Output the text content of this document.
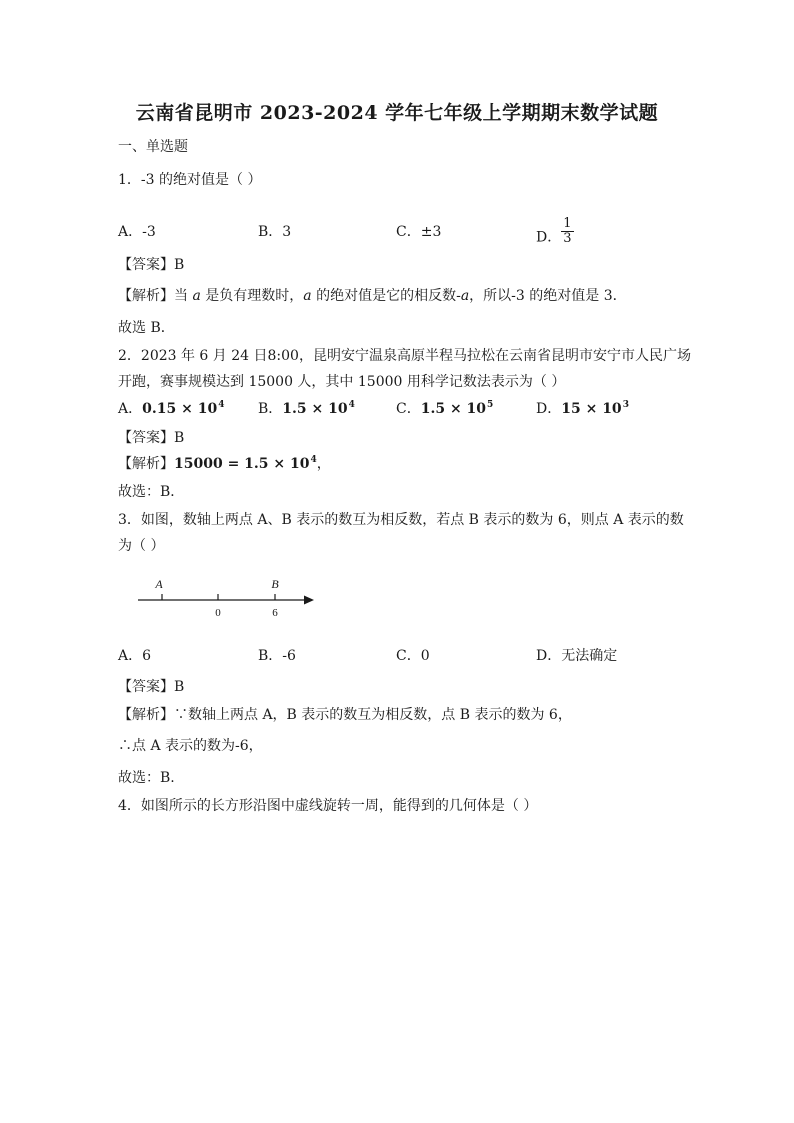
云南省昆明市 2023-2024 学年七年级上学期期末数学试题
一、单选题
1．-3 的绝对值是（ ）
A．-3	B．3	C．±3	D． $\frac{1}{3}$
【答案】B
【解析】当 a 是负有理数时，a 的绝对值是它的相反数-a，所以-3 的绝对值是 3．
故选 B．
2．2023 年 6 月 24 日8:00，昆明安宁温泉高原半程马拉松在云南省昆明市安宁市人民广场
开跑，赛事规模达到 15000 人，其中 15000 用科学记数法表示为（ ）
A．$0.15 \times 10^4$ B．$1.5 \times 10^4$	C．$1.5 \times 10^5$	D．$15 \times 10^3$
【答案】B
【解析】$15000 = 1.5 \times 10^4$，
故选：B．
3．如图，数轴上两点 A、B 表示的数互为相反数，若点 B 表示的数为 6，则点 A 表示的数
为（ ）
A	B
0	6
A．6	B．-6	C．0	D．无法确定
【答案】B
【解析】∵数轴上两点 A，B 表示的数互为相反数，点 B 表示的数为 6，
∴点 A 表示的数为-6，
故选：B.
4．如图所示的长方形沿图中虚线旋转一周，能得到的几何体是（ ）
